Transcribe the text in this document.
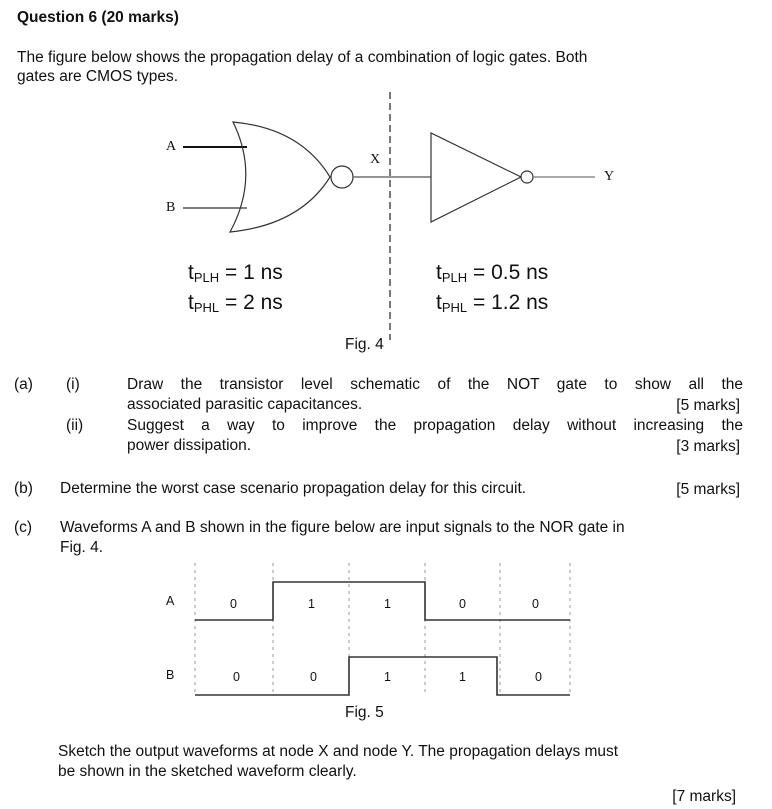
Question 6 (20 marks)
The figure below shows the propagation delay of a combination of logic gates. Both
gates are CMOS types.
A
B
X
Y
$t_{PLH} = 1$ ns
$t_{PHL} = 2$ ns
$t_{PLH} = 0.5$ ns
$t_{PHL} = 1.2$ ns
Fig. 4
(a) (i)	Draw the transistor level schematic of the NOT gate to show all the
associated parasitic capacitances.	[5 marks]
(ii)	Suggest a way to improve the propagation delay without increasing the
power dissipation.	[3 marks]
(b) Determine the worst case scenario propagation delay for this circuit.	[5 marks]
(c) Waveforms A and B shown in the figure below are input signals to the NOR gate in
Fig. 4.
A
B
0	1	1	0	0
0	0	1	1	0
Fig. 5
Sketch the output waveforms at node X and node Y. The propagation delays must
be shown in the sketched waveform clearly.
[7 marks]
